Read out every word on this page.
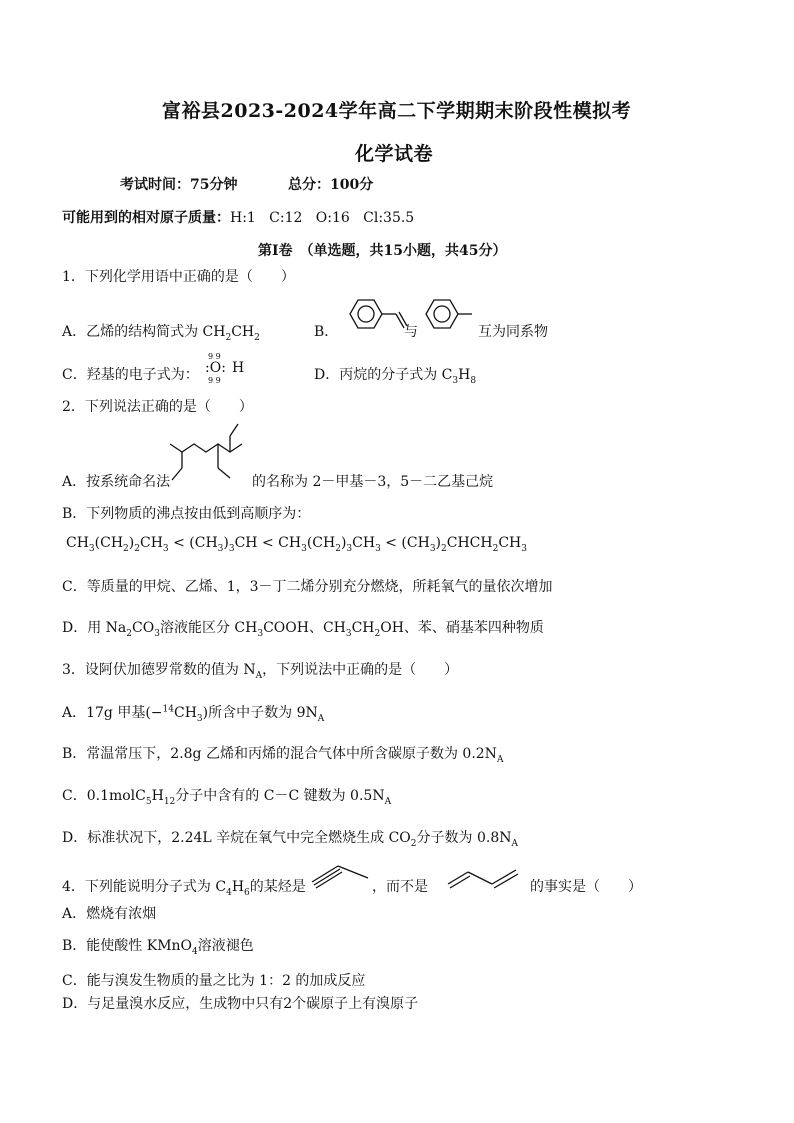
富裕县2023-2024学年高二下学期期末阶段性模拟考
化学试卷
考试时间：75分钟	总分：100分
可能用到的相对原子质量：H:1   C:12   O:16   Cl:35.5
第Ⅰ卷　（单选题，共15小题，共45分）
1．下列化学用语中正确的是（　　）
A．乙烯的结构简式为 $CH_2CH_2$	B．	与	互为同系物
C．羟基的电子式为：
9 9
:O:
9 9
H	D．丙烷的分子式为 $C_3H_8$
2．下列说法正确的是（　　）
A．按系统命名法	的名称为 2－甲基－3，5－二乙基己烷
B．下列物质的沸点按由低到高顺序为：
$CH_3(CH_2)_2CH_3 < (CH_3)_3CH < CH_3(CH_2)_3CH_3$ < $(CH_3)_2CHCH_2CH_3$
C．等质量的甲烷、乙烯、1，3－丁二烯分别充分燃烧，所耗氧气的量依次增加
D．用 $Na_2CO_3$溶液能区分 $CH_3COOH$、$CH_3CH_2OH$、苯、硝基苯四种物质
3．设阿伏加德罗常数的值为 $N_A$，下列说法中正确的是（　　）
A．17g 甲基$(-^{14}CH_3)$所含中子数为 $9N_A$
B．常温常压下，2.8g 乙烯和丙烯的混合气体中所含碳原子数为 $0.2N_A$
C．$0.1molC_5H_{12}$分子中含有的 C－C 键数为 $0.5N_A$
D．标准状况下，2.24L 辛烷在氧气中完全燃烧生成 $CO_2$分子数为 $0.8N_A$
4．下列能说明分子式为 $C_4H_6$的某烃是	，而不是	的事实是（　　）
A．燃烧有浓烟
B．能使酸性 KMnO$_4$溶液褪色
C．能与溴发生物质的量之比为 1：2 的加成反应
D．与足量溴水反应，生成物中只有2个碳原子上有溴原子
